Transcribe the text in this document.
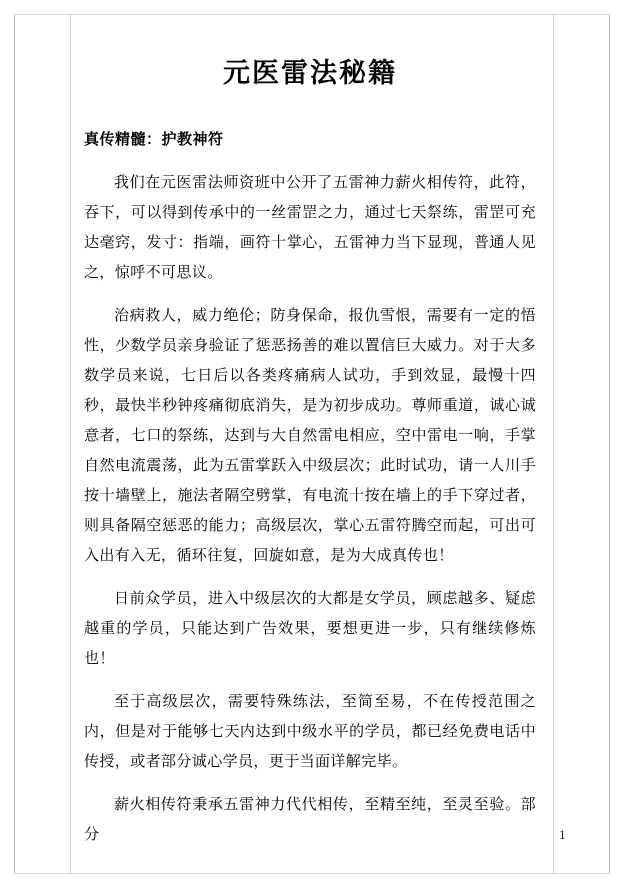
元医雷法秘籍
真传精髓：护教神符

我们在元医雷法师资班中公开了五雷神力薪火相传符，此符，吞下，可以得到传承中的一丝雷罡之力，通过七天祭练，雷罡可充达毫窍，发寸：指端，画符十掌心，五雷神力当下显现，普通人见之，惊呼不可思议。

治病救人，威力绝伦；防身保命，报仇雪恨，需要有一定的悟性，少数学员亲身验证了惩恶扬善的难以置信巨大威力。对于大多数学员来说，七日后以各类疼痛病人试功，手到效显，最慢十四秒，最快半秒钟疼痛彻底消失，是为初步成功。尊师重道，诚心诚意者，七口的祭练，达到与大自然雷电相应，空中雷电一响，手掌自然电流震荡，此为五雷掌跃入中级层次；此时试功，请一人川手按十墙壁上，施法者隔空劈掌，有电流十按在墙上的手下穿过者，则具备隔空惩恶的能力；高级层次，掌心五雷符腾空而起，可出可入出有入无，循环往复，回旋如意，是为大成真传也！

日前众学员，进入中级层次的大都是女学员，顾虑越多、疑虑越重的学员，只能达到广告效果，要想更进一步，只有继续修炼也！

至于高级层次，需要特殊练法，至简至易，不在传授范围之内，但是对于能够七天内达到中级水平的学员，都已经免费电话中传授，或者部分诚心学员，更于当面详解完毕。

薪火相传符秉承五雷神力代代相传，至精至纯，至灵至验。部分	1
